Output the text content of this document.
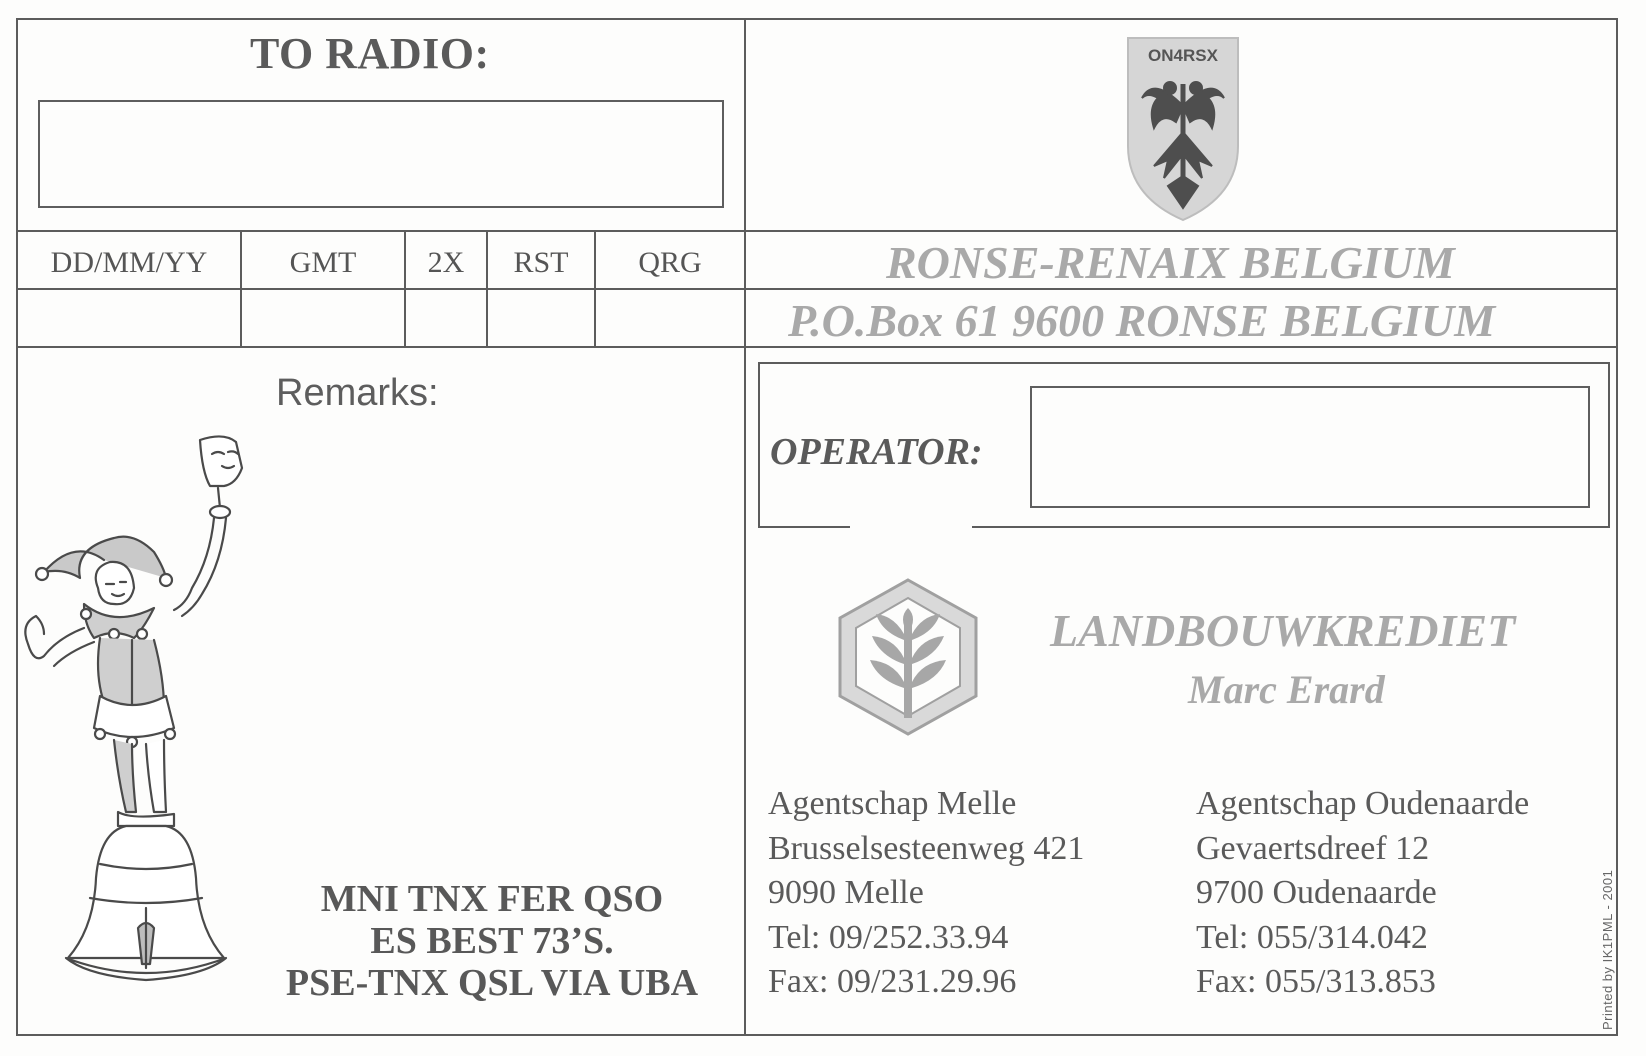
TO RADIO:
DD/MM/YY	GMT	2X	RST	QRG
ON4RSX
RONSE-RENAIX BELGIUM
P.O.Box 61 9600 RONSE BELGIUM
Remarks:
MNI TNX FER QSO
ES BEST 73’S.
PSE-TNX QSL VIA UBA
OPERATOR:
LANDBOUWKREDIET
Marc Erard
Agentschap Melle
Brusselsesteenweg 421
9090 Melle
Tel: 09/252.33.94
Fax: 09/231.29.96
Agentschap Oudenaarde
Gevaertsdreef 12
9700 Oudenaarde
Tel: 055/314.042
Fax: 055/313.853	Printed by IK1PML - 2001
